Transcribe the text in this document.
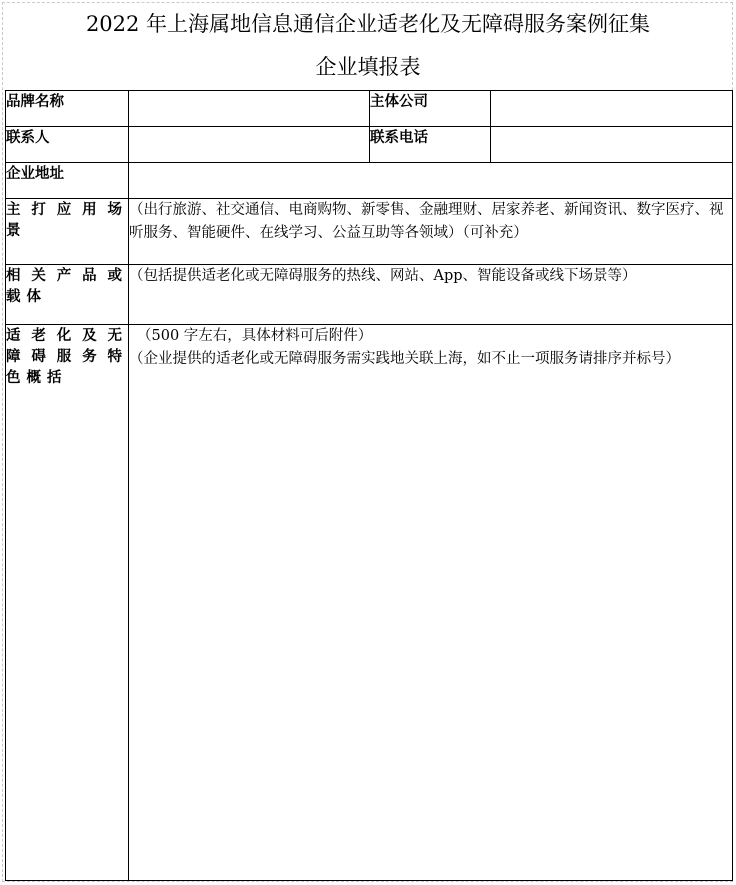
2022 年上海属地信息通信企业适老化及无障碍服务案例征集
企业填报表
品牌名称		主体公司	
联系人		联系电话	
企业地址			
主打应用场景	（出行旅游、社交通信、电商购物、新零售、金融理财、居家养老、新闻资讯、数字医疗、视听服务、智能硬件、在线学习、公益互助等各领域）（可补充）		

相关产品或载体	（包括提供适老化或无障碍服务的热线、网站、App、智能设备或线下场景等）		

适老化及无障碍服务特色概括	（500 字左右，具体材料可后附件）
（企业提供的适老化或无障碍服务需实践地关联上海，如不止一项服务请排序并标号）		
